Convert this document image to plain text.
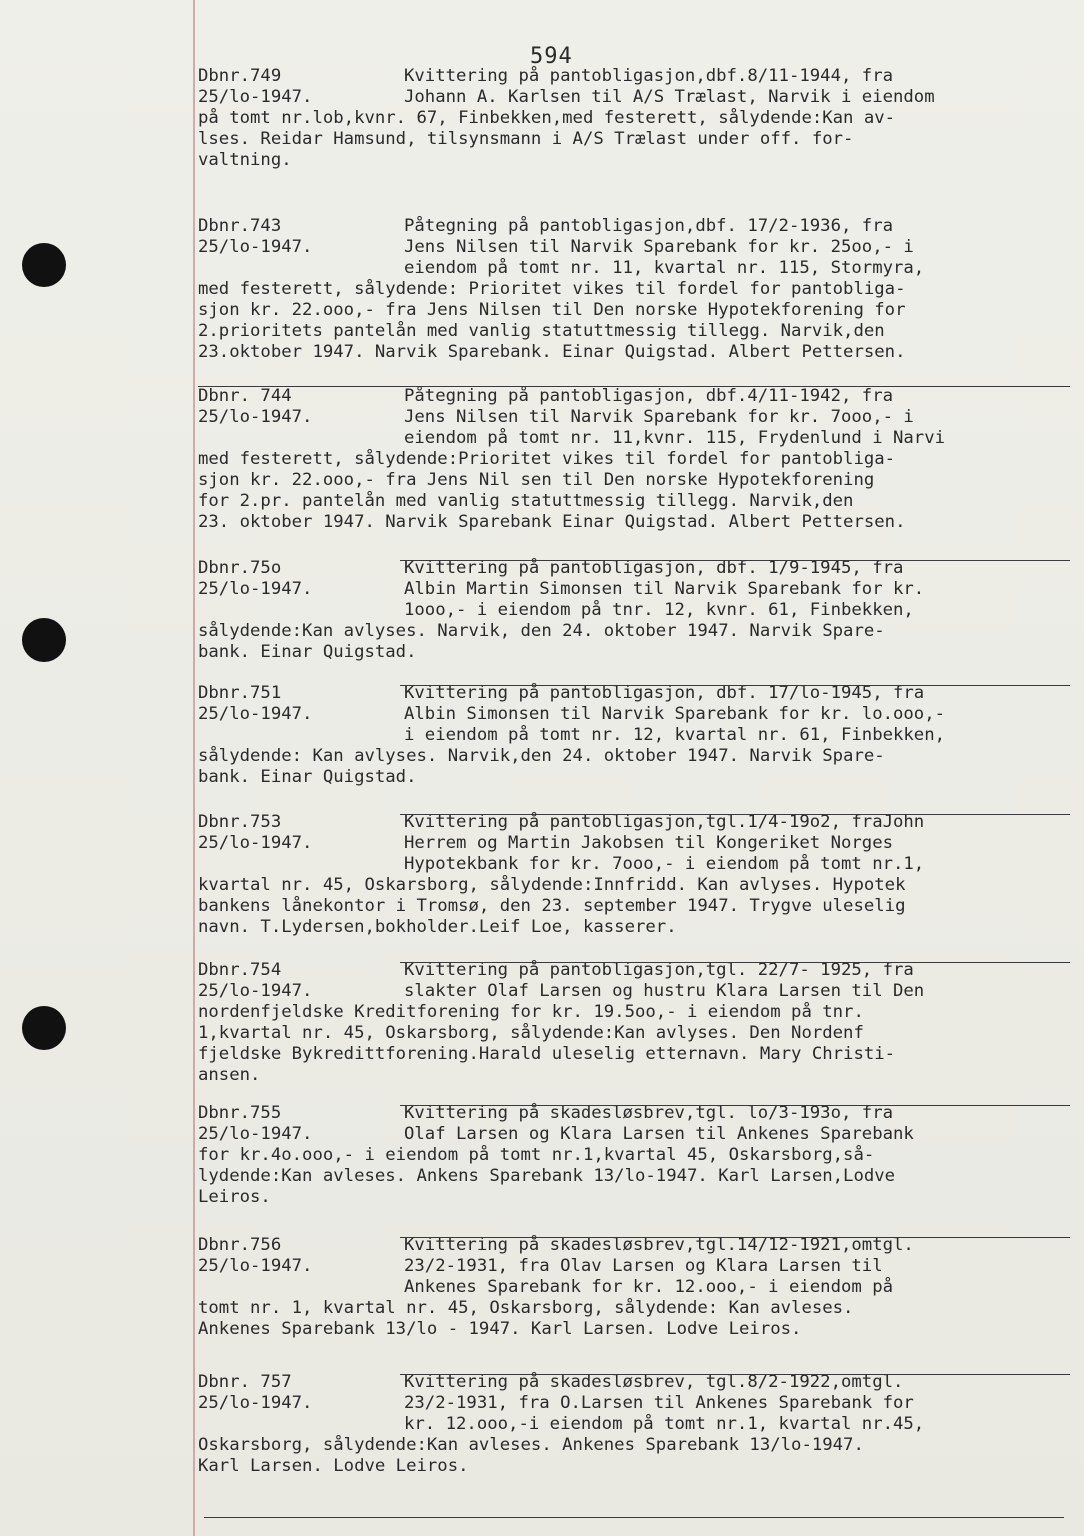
594
Dbnr.749	Kvittering på pantobligasjon,dbf.8/11-1944, fra
25/lo-1947.	Johann A. Karlsen til A/S Trælast, Narvik i eiendom
på tomt nr.lob,kvnr. 67, Finbekken,med festerett, sålydende:Kan av-
lses. Reidar Hamsund, tilsynsmann i A/S Trælast under off. for-
valtning.
Dbnr.743	Påtegning på pantobligasjon,dbf. 17/2-1936, fra
25/lo-1947.	Jens Nilsen til Narvik Sparebank for kr. 25oo,- i
eiendom på tomt nr. 11, kvartal nr. 115, Stormyra,
med festerett, sålydende: Prioritet vikes til fordel for pantobliga-
sjon kr. 22.ooo,- fra Jens Nilsen til Den norske Hypotekforening for
2.prioritets pantelån med vanlig statuttmessig tillegg. Narvik,den
23.oktober 1947. Narvik Sparebank. Einar Quigstad. Albert Pettersen.
Dbnr. 744	Påtegning på pantobligasjon, dbf.4/11-1942, fra
25/lo-1947.	Jens Nilsen til Narvik Sparebank for kr. 7ooo,- i
eiendom på tomt nr. 11,kvnr. 115, Frydenlund i Narvi
med festerett, sålydende:Prioritet vikes til fordel for pantobliga-
sjon kr. 22.ooo,- fra Jens Nil sen til Den norske Hypotekforening
for 2.pr. pantelån med vanlig statuttmessig tillegg. Narvik,den
23. oktober 1947. Narvik Sparebank Einar Quigstad. Albert Pettersen.
Dbnr.75o	Kvittering på pantobligasjon, dbf. 1/9-1945, fra
25/lo-1947.	Albin Martin Simonsen til Narvik Sparebank for kr.
1ooo,- i eiendom på tnr. 12, kvnr. 61, Finbekken,
sålydende:Kan avlyses. Narvik, den 24. oktober 1947. Narvik Spare-
bank. Einar Quigstad.
Dbnr.751	Kvittering på pantobligasjon, dbf. 17/lo-1945, fra
25/lo-1947.	Albin Simonsen til Narvik Sparebank for kr. lo.ooo,-
i eiendom på tomt nr. 12, kvartal nr. 61, Finbekken,
sålydende: Kan avlyses. Narvik,den 24. oktober 1947. Narvik Spare-
bank. Einar Quigstad.
Dbnr.753	Kvittering på pantobligasjon,tgl.1/4-19o2, fraJohn
25/lo-1947.	Herrem og Martin Jakobsen til Kongeriket Norges
Hypotekbank for kr. 7ooo,- i eiendom på tomt nr.1,
kvartal nr. 45, Oskarsborg, sålydende:Innfridd. Kan avlyses. Hypotek
bankens lånekontor i Tromsø, den 23. september 1947. Trygve uleselig
navn. T.Lydersen,bokholder.Leif Loe, kasserer.
Dbnr.754	Kvittering på pantobligasjon,tgl. 22/7- 1925, fra
25/lo-1947.	slakter Olaf Larsen og hustru Klara Larsen til Den
nordenfjeldske Kreditforening for kr. 19.5oo,- i eiendom på tnr.
1,kvartal nr. 45, Oskarsborg, sålydende:Kan avlyses. Den Nordenf
fjeldske Bykredittforening.Harald uleselig etternavn. Mary Christi-
ansen.
Dbnr.755	Kvittering på skadesløsbrev,tgl. lo/3-193o, fra
25/lo-1947.	Olaf Larsen og Klara Larsen til Ankenes Sparebank
for kr.4o.ooo,- i eiendom på tomt nr.1,kvartal 45, Oskarsborg,så-
lydende:Kan avleses. Ankens Sparebank 13/lo-1947. Karl Larsen,Lodve
Leiros.
Dbnr.756	Kvittering på skadesløsbrev,tgl.14/12-1921,omtgl.
25/lo-1947.	23/2-1931, fra Olav Larsen og Klara Larsen til
Ankenes Sparebank for kr. 12.ooo,- i eiendom på
tomt nr. 1, kvartal nr. 45, Oskarsborg, sålydende: Kan avleses.
Ankenes Sparebank 13/lo - 1947. Karl Larsen. Lodve Leiros.
Dbnr. 757	Kvittering på skadesløsbrev, tgl.8/2-1922,omtgl.
25/lo-1947.	23/2-1931, fra O.Larsen til Ankenes Sparebank for
kr. 12.ooo,-i eiendom på tomt nr.1, kvartal nr.45,
Oskarsborg, sålydende:Kan avleses. Ankenes Sparebank 13/lo-1947.
Karl Larsen. Lodve Leiros.
